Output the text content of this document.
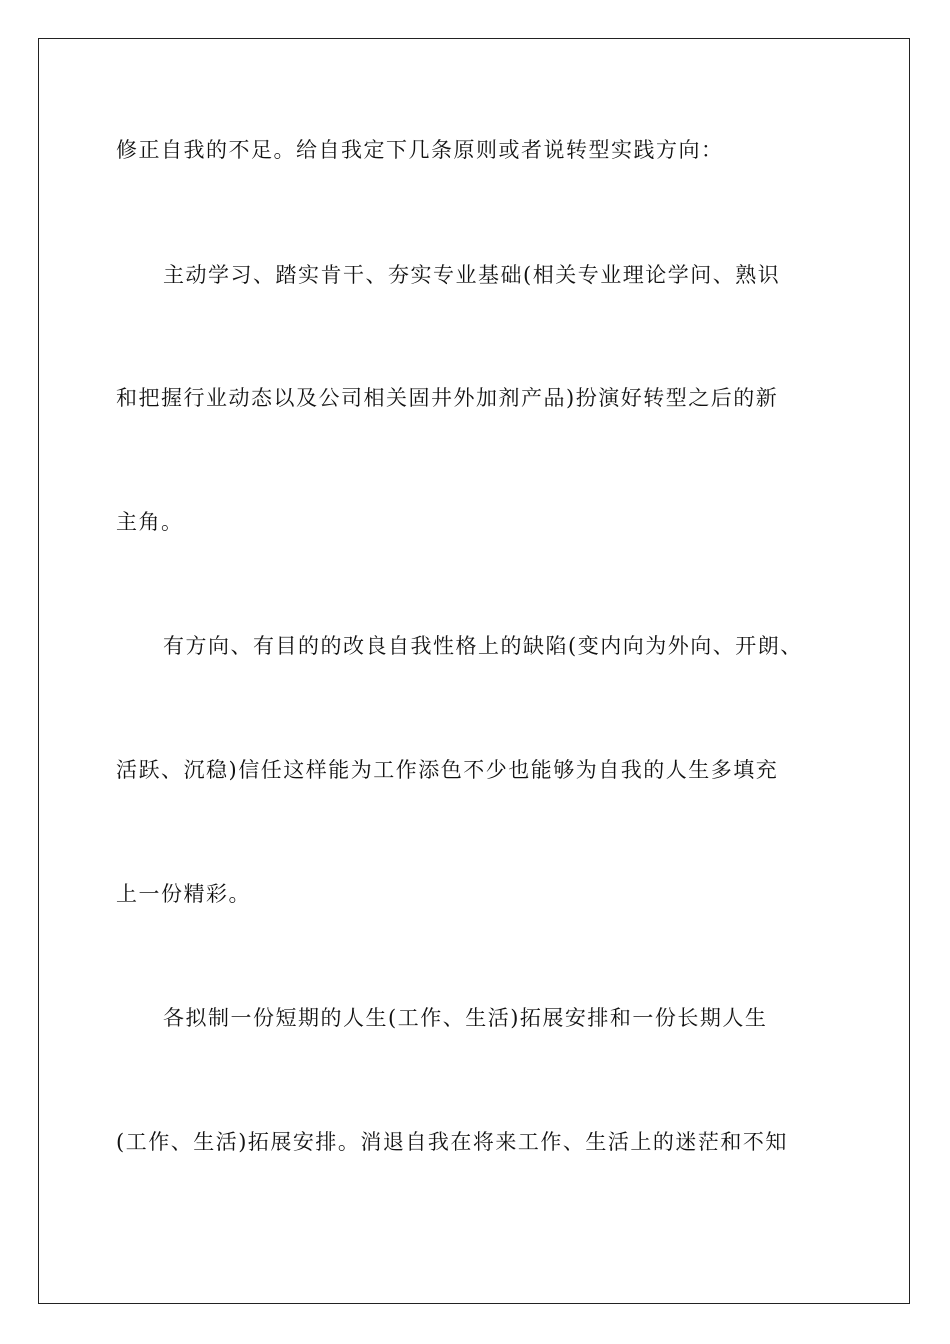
修正自我的不足。给自我定下几条原则或者说转型实践方向：
主动学习、踏实肯干、夯实专业基础(相关专业理论学问、熟识
和把握行业动态以及公司相关固井外加剂产品)扮演好转型之后的新
主角。
有方向、有目的的改良自我性格上的缺陷(变内向为外向、开朗、
活跃、沉稳)信任这样能为工作添色不少也能够为自我的人生多填充
上一份精彩。
各拟制一份短期的人生(工作、生活)拓展安排和一份长期人生
(工作、生活)拓展安排。消退自我在将来工作、生活上的迷茫和不知
